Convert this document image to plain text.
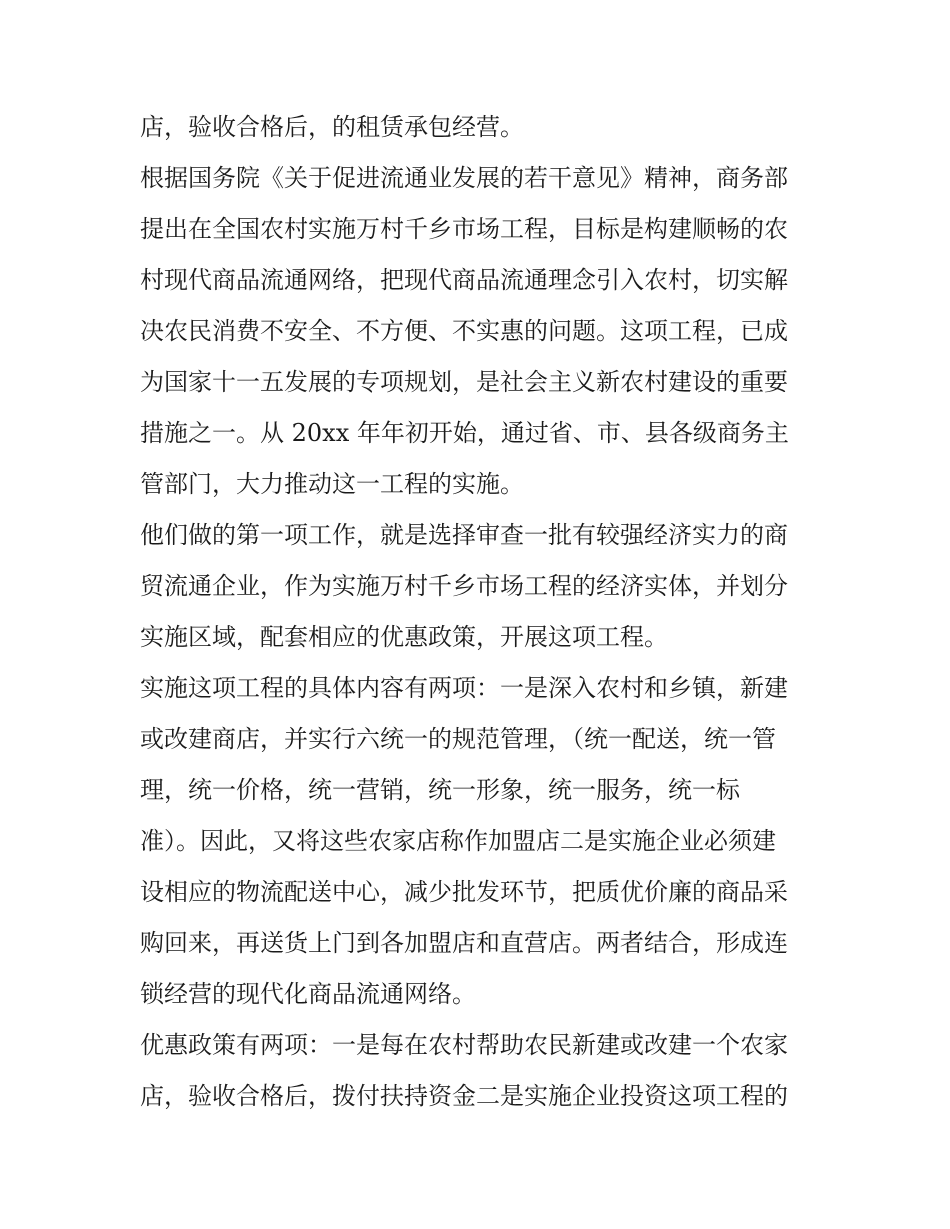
店，验收合格后，的租赁承包经营。
根据国务院《关于促进流通业发展的若干意见》精神，商务部
提出在全国农村实施万村千乡市场工程，目标是构建顺畅的农
村现代商品流通网络，把现代商品流通理念引入农村，切实解
决农民消费不安全、不方便、不实惠的问题。这项工程，已成
为国家十一五发展的专项规划，是社会主义新农村建设的重要
措施之一。从 20xx 年年初开始，通过省、市、县各级商务主
管部门，大力推动这一工程的实施。
他们做的第一项工作，就是选择审查一批有较强经济实力的商
贸流通企业，作为实施万村千乡市场工程的经济实体，并划分
实施区域，配套相应的优惠政策，开展这项工程。
实施这项工程的具体内容有两项：一是深入农村和乡镇，新建
或改建商店，并实行六统一的规范管理，（统一配送，统一管
理，统一价格，统一营销，统一形象，统一服务，统一标
准）。因此，又将这些农家店称作加盟店二是实施企业必须建
设相应的物流配送中心，减少批发环节，把质优价廉的商品采
购回来，再送货上门到各加盟店和直营店。两者结合，形成连
锁经营的现代化商品流通网络。
优惠政策有两项：一是每在农村帮助农民新建或改建一个农家
店，验收合格后，拨付扶持资金二是实施企业投资这项工程的
